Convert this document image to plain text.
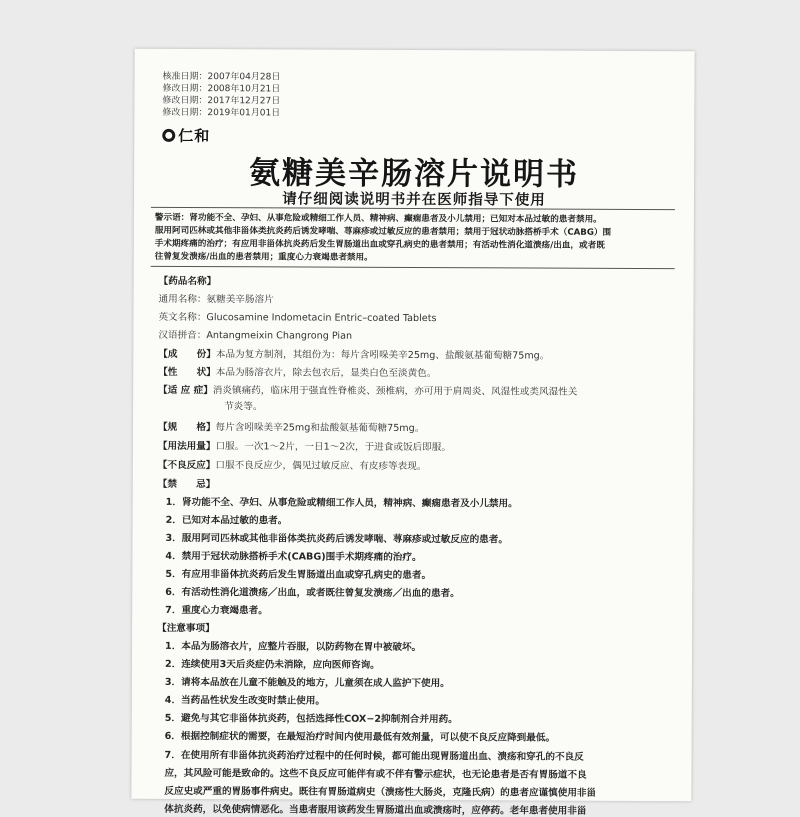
核准日期：2007年04月28日
修改日期：2008年10月21日
修改日期：2017年12月27日
修改日期：2019年01月01日
仁和
氨糖美辛肠溶片说明书
请仔细阅读说明书并在医师指导下使用
警示语：肾功能不全、孕妇、从事危险或精细工作人员、精神病、癫痫患者及小儿禁用；已知对本品过敏的患者禁用。
服用阿司匹林或其他非甾体类抗炎药后诱发哮喘、荨麻疹或过敏反应的患者禁用；禁用于冠状动脉搭桥手术（CABG）围
手术期疼痛的治疗；有应用非甾体抗炎药后发生胃肠道出血或穿孔病史的患者禁用；有活动性消化道溃疡/出血，或者既
往曾复发溃疡/出血的患者禁用；重度心力衰竭患者禁用。
【药品名称】
通用名称：氨糖美辛肠溶片
英文名称：Glucosamine Indometacin Entric–coated Tablets
汉语拼音：Antangmeixin Changrong Pian
【成　　份】本品为复方制剂，其组份为：每片含吲哚美辛25mg、盐酸氨基葡萄糖75mg。
【性　　状】本品为肠溶衣片，除去包衣后，显类白色至淡黄色。
【适 应 症】消炎镇痛药，临床用于强直性脊椎炎、颈椎病，亦可用于肩周炎、风湿性或类风湿性关
节炎等。
【规　　格】每片含吲哚美辛25mg和盐酸氨基葡萄糖75mg。
【用法用量】口服。一次1～2片，一日1～2次，于进食或饭后即服。
【不良反应】口服不良反应少，偶见过敏反应、有皮疹等表现。
【禁　　忌】
1．肾功能不全、孕妇、从事危险或精细工作人员，精神病、癫痫患者及小儿禁用。
2．已知对本品过敏的患者。
3．服用阿司匹林或其他非甾体类抗炎药后诱发哮喘、荨麻疹或过敏反应的患者。
4．禁用于冠状动脉搭桥手术(CABG)围手术期疼痛的治疗。
5．有应用非甾体抗炎药后发生胃肠道出血或穿孔病史的患者。
6．有活动性消化道溃疡／出血，或者既往曾复发溃疡／出血的患者。
7．重度心力衰竭患者。
【注意事项】
1．本品为肠溶衣片，应整片吞服，以防药物在胃中被破坏。
2．连续使用3天后炎症仍未消除，应向医师咨询。
3．请将本品放在儿童不能触及的地方，儿童须在成人监护下使用。
4．当药品性状发生改变时禁止使用。
5．避免与其它非甾体抗炎药，包括选择性COX−2抑制剂合并用药。
6．根据控制症状的需要，在最短治疗时间内使用最低有效剂量，可以使不良反应降到最低。
7．在使用所有非甾体抗炎药治疗过程中的任何时候，都可能出现胃肠道出血、溃疡和穿孔的不良反
应，其风险可能是致命的。这些不良反应可能伴有或不伴有警示症状，也无论患者是否有胃肠道不良
反应史或严重的胃肠事件病史。既往有胃肠道病史（溃疡性大肠炎，克隆氏病）的患者应谨慎使用非甾
体抗炎药，以免使病情恶化。当患者服用该药发生胃肠道出血或溃疡时，应停药。老年患者使用非甾
